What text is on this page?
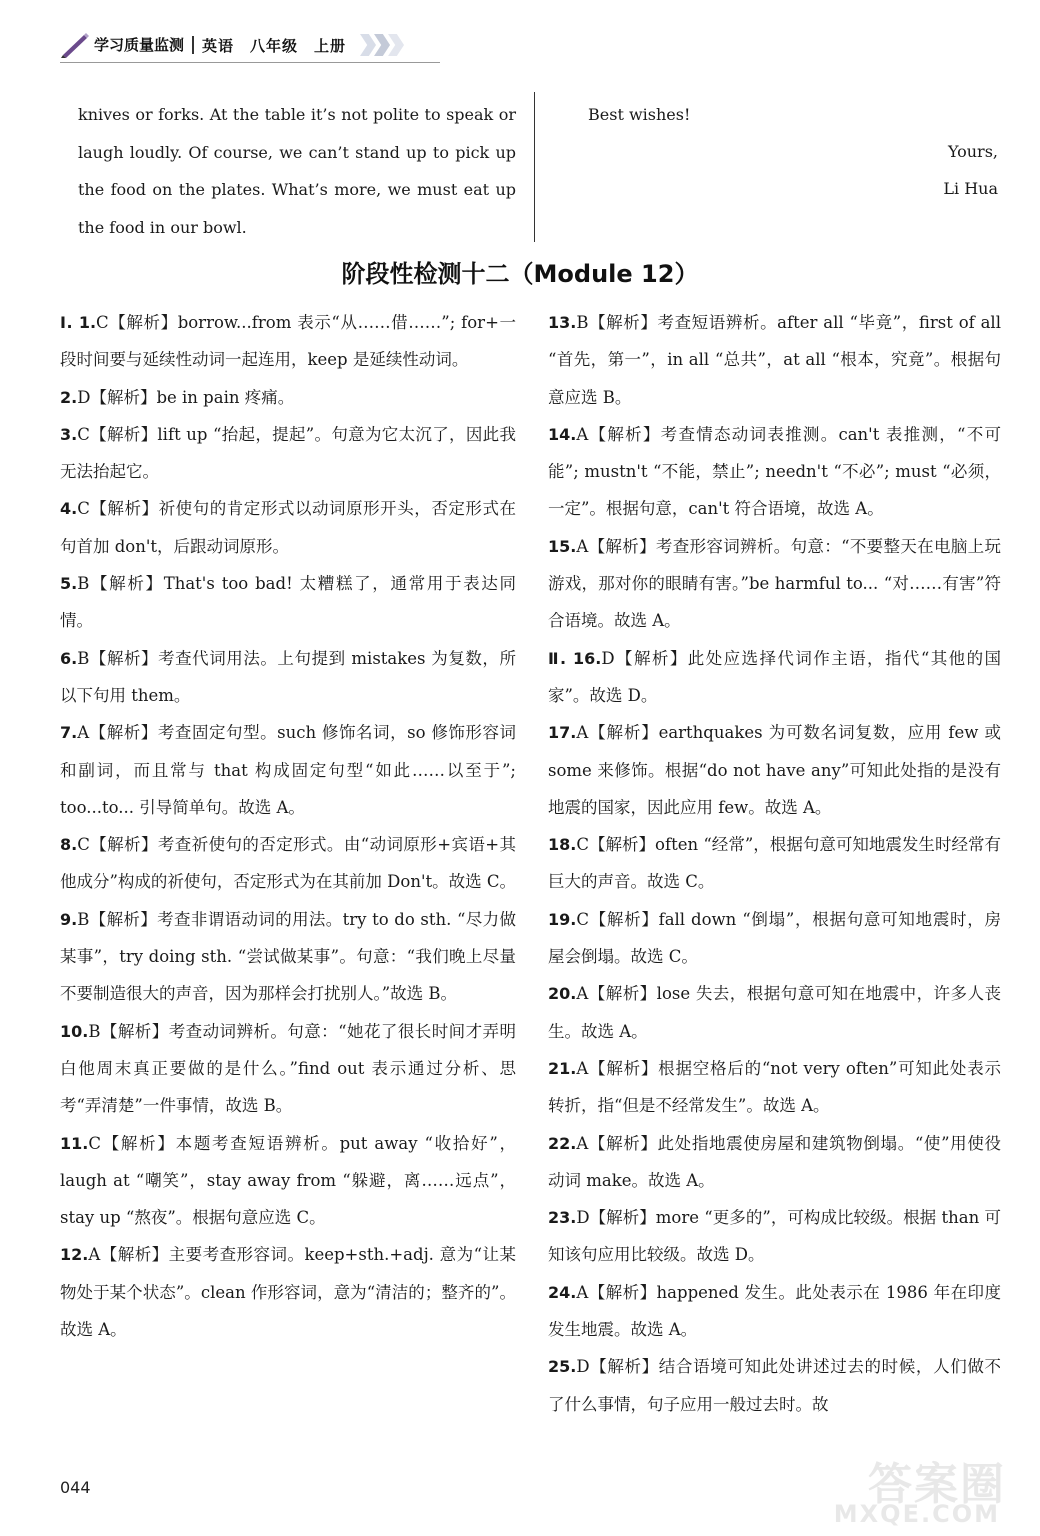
学习质量监测	英语　八年级　上册
knives or forks. At the table it’s not polite to speak or laugh loudly. Of course, we can’t stand up to pick up the food on the plates. What’s more, we must eat up the food in our bowl.
Best wishes!
Yours,
Li Hua
阶段性检测十二（Module 12）
Ⅰ. 1.C【解析】borrow...from 表示“从……借……”; for+一段时间要与延续性动词一起连用，keep 是延续性动词。
2.D【解析】be in pain 疼痛。
3.C【解析】lift up “抬起，提起”。句意为它太沉了，因此我无法抬起它。
4.C【解析】祈使句的肯定形式以动词原形开头，否定形式在句首加 don't，后跟动词原形。
5.B【解析】That's too bad! 太糟糕了，通常用于表达同情。
6.B【解析】考查代词用法。上句提到 mistakes 为复数，所以下句用 them。
7.A【解析】考查固定句型。such 修饰名词，so 修饰形容词和副词，而且常与 that 构成固定句型“如此……以至于”; too...to... 引导简单句。故选 A。
8.C【解析】考查祈使句的否定形式。由“动词原形+宾语+其他成分”构成的祈使句，否定形式为在其前加 Don't。故选 C。
9.B【解析】考查非谓语动词的用法。try to do sth. “尽力做某事”，try doing sth. “尝试做某事”。句意：“我们晚上尽量不要制造很大的声音，因为那样会打扰别人。”故选 B。
10.B【解析】考查动词辨析。句意：“她花了很长时间才弄明白他周末真正要做的是什么。”find out 表示通过分析、思考“弄清楚”一件事情，故选 B。
11.C【解析】本题考查短语辨析。put away “收拾好”，laugh at “嘲笑”，stay away from “躲避，离……远点”，stay up “熬夜”。根据句意应选 C。
12.A【解析】主要考查形容词。keep+sth.+adj. 意为“让某物处于某个状态”。clean 作形容词，意为“清洁的；整齐的”。故选 A。
13.B【解析】考查短语辨析。after all “毕竟”，first of all “首先，第一”，in all “总共”，at all “根本，究竟”。根据句意应选 B。
14.A【解析】考查情态动词表推测。can't 表推测，“不可能”; mustn't “不能，禁止”; needn't “不必”; must “必须，一定”。根据句意，can't 符合语境，故选 A。
15.A【解析】考查形容词辨析。句意：“不要整天在电脑上玩游戏，那对你的眼睛有害。”be harmful to... “对……有害”符合语境。故选 A。
Ⅱ. 16.D【解析】此处应选择代词作主语，指代“其他的国家”。故选 D。
17.A【解析】earthquakes 为可数名词复数，应用 few 或 some 来修饰。根据“do not have any”可知此处指的是没有地震的国家，因此应用 few。故选 A。
18.C【解析】often “经常”，根据句意可知地震发生时经常有巨大的声音。故选 C。
19.C【解析】fall down “倒塌”，根据句意可知地震时，房屋会倒塌。故选 C。
20.A【解析】lose 失去，根据句意可知在地震中，许多人丧生。故选 A。
21.A【解析】根据空格后的“not very often”可知此处表示转折，指“但是不经常发生”。故选 A。
22.A【解析】此处指地震使房屋和建筑物倒塌。“使”用使役动词 make。故选 A。
23.D【解析】more “更多的”，可构成比较级。根据 than 可知该句应用比较级。故选 D。
24.A【解析】happened 发生。此处表示在 1986 年在印度发生地震。故选 A。
25.D【解析】结合语境可知此处讲述过去的时候，人们做不了什么事情，句子应用一般过去时。故
044	答案圈
MXQE.COM
